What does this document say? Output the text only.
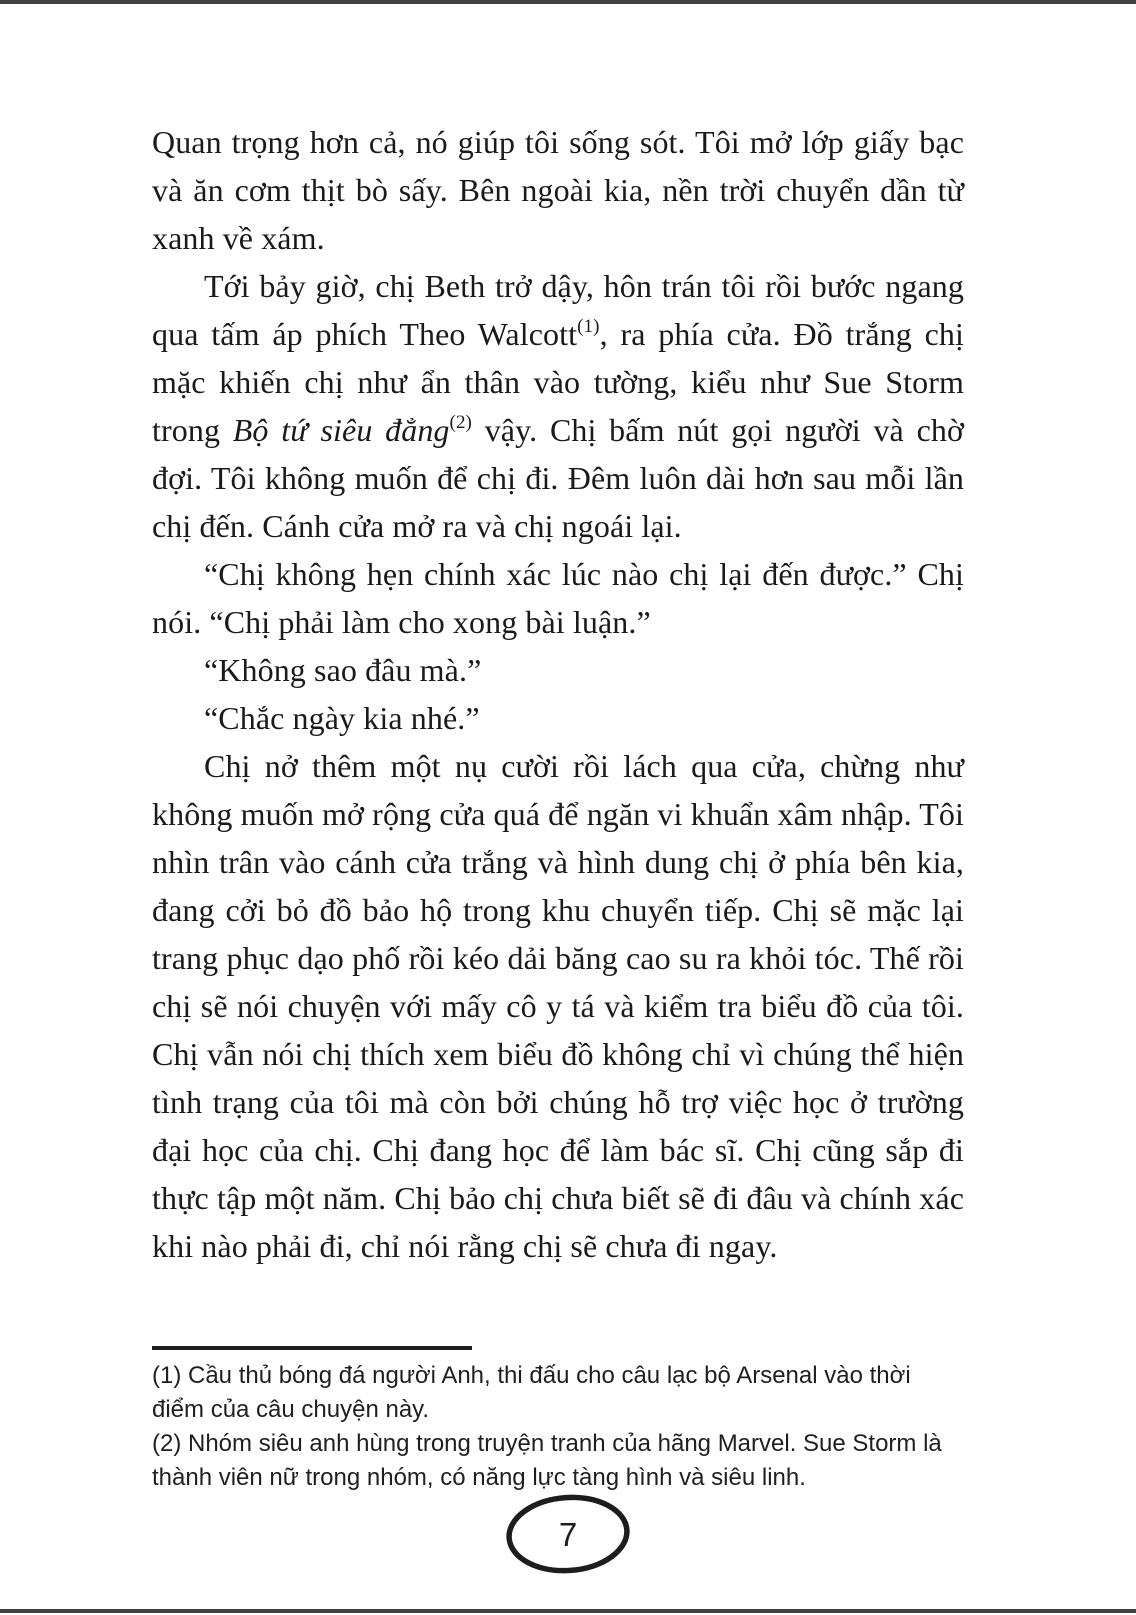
Quan trọng hơn cả, nó giúp tôi sống sót. Tôi mở lớp giấy bạc và ăn cơm thịt bò sấy. Bên ngoài kia, nền trời chuyển dần từ xanh về xám.

Tới bảy giờ, chị Beth trở dậy, hôn trán tôi rồi bước ngang qua tấm áp phích Theo Walcott$^{(1)}$, ra phía cửa. Đồ trắng chị mặc khiến chị như ẩn thân vào tường, kiểu như Sue Storm trong Bộ tứ siêu đẳng$^{(2)}$ vậy. Chị bấm nút gọi người và chờ đợi. Tôi không muốn để chị đi. Đêm luôn dài hơn sau mỗi lần chị đến. Cánh cửa mở ra và chị ngoái lại.

“Chị không hẹn chính xác lúc nào chị lại đến được.” Chị nói. “Chị phải làm cho xong bài luận.”

“Không sao đâu mà.”

“Chắc ngày kia nhé.”

Chị nở thêm một nụ cười rồi lách qua cửa, chừng như không muốn mở rộng cửa quá để ngăn vi khuẩn xâm nhập. Tôi nhìn trân vào cánh cửa trắng và hình dung chị ở phía bên kia, đang cởi bỏ đồ bảo hộ trong khu chuyển tiếp. Chị sẽ mặc lại trang phục dạo phố rồi kéo dải băng cao su ra khỏi tóc. Thế rồi chị sẽ nói chuyện với mấy cô y tá và kiểm tra biểu đồ của tôi. Chị vẫn nói chị thích xem biểu đồ không chỉ vì chúng thể hiện tình trạng của tôi mà còn bởi chúng hỗ trợ việc học ở trường đại học của chị. Chị đang học để làm bác sĩ. Chị cũng sắp đi thực tập một năm. Chị bảo chị chưa biết sẽ đi đâu và chính xác khi nào phải đi, chỉ nói rằng chị sẽ chưa đi ngay.

(1) Cầu thủ bóng đá người Anh, thi đấu cho câu lạc bộ Arsenal vào thời điểm của câu chuyện này.

(2) Nhóm siêu anh hùng trong truyện tranh của hãng Marvel. Sue Storm là thành viên nữ trong nhóm, có năng lực tàng hình và siêu linh.

7
